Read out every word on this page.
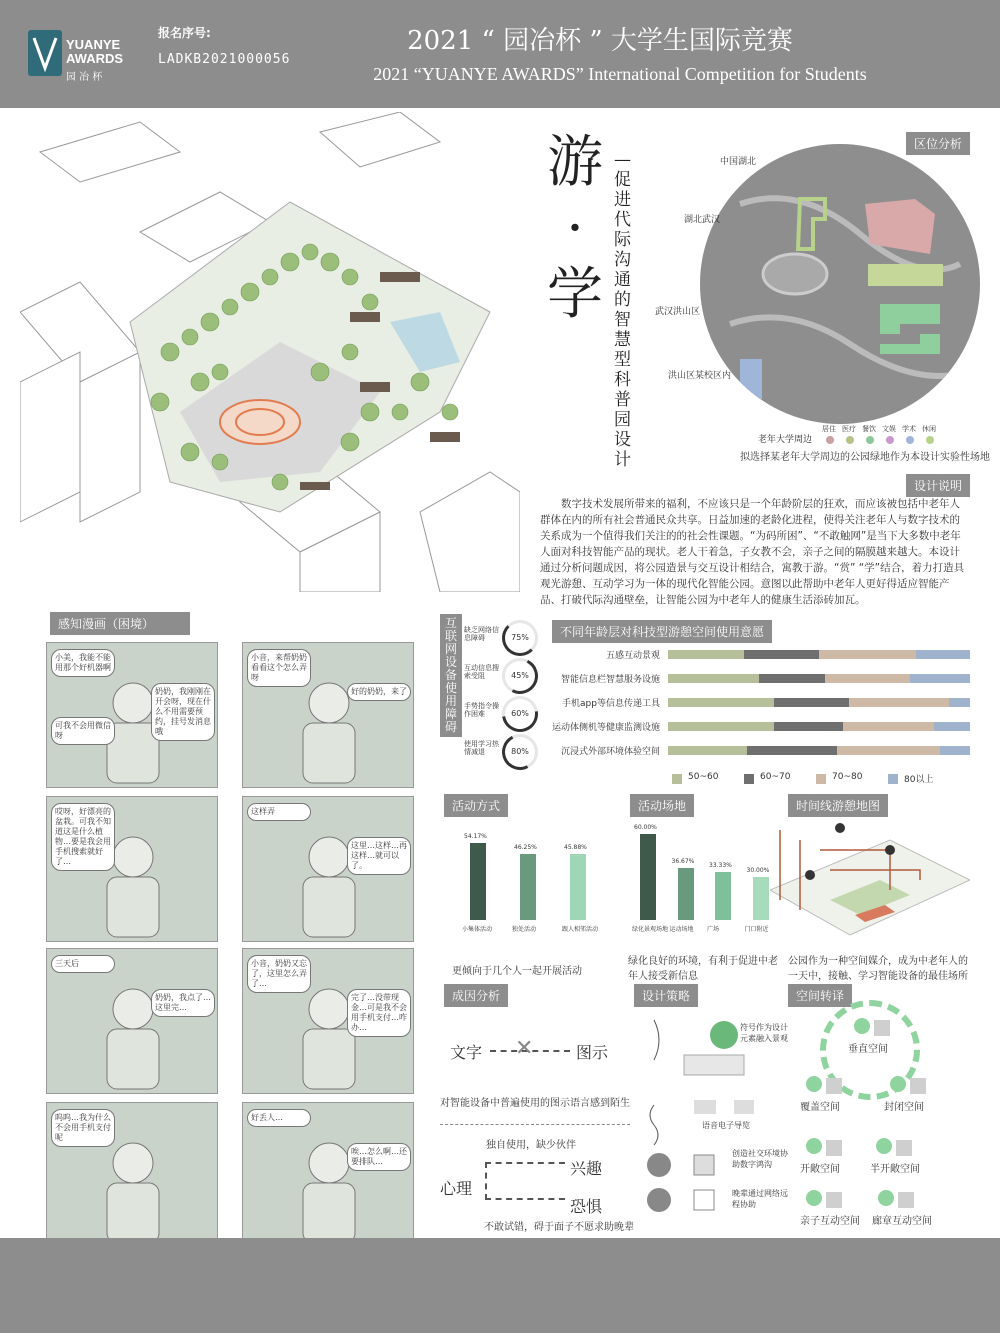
YUANYE AWARDS
园 冶 杯
报名序号:
LADKB2021000056
2021 “ 园冶杯 ” 大学生国际竞赛
2021 “YUANYE AWARDS” International Competition for Students
游·学
—促进代际沟通的智慧型科普园设计
区位分析
中国湖北
湖北武汉
武汉洪山区
洪山区某校区内
老年大学周边
居住 医疗 餐饮 文娱 学术 休闲
拟选择某老年大学周边的公园绿地作为本设计实验性场地
设计说明
数字技术发展所带来的福利，不应该只是一个年龄阶层的狂欢，而应该被包括中老年人群体在内的所有社会普通民众共享。日益加速的老龄化进程，使得关注老年人与数字技术的关系成为一个值得我们关注的的社会性课题。“为码所困”、“不敢触网”是当下大多数中老年人面对科技智能产品的现状。老人干着急，子女教不会，亲子之间的隔膜越来越大。本设计通过分析问题成因，将公园造景与交互设计相结合，寓教于游。“赏” “学”结合，着力打造具观光游憩、互动学习为一体的现代化智能公园。意图以此帮助中老年人更好得适应智能产品、打破代际沟通壁垒，让智能公园为中老年人的健康生活添砖加瓦。
感知漫画（困境）
小美，我能不能用那个好机器啊
奶奶，我刚刚在开会呀，现在什么不用需要预约，挂号发消息哦
可我不会用微信呀
小音，来帮奶奶看看这个怎么弄呀
好的奶奶，来了
哎呀，好漂亮的盆栽。可我不知道这是什么植物…要是我会用手机搜索就好了…
这样弄
这里…这样…再这样…就可以了。
三天后
奶奶，我点了…这里完…
小音，奶奶又忘了，这里怎么弄了…
完了…没带现金…可是我不会用手机支付…咋办…
呜呜…我为什么不会用手机支付呢
好丢人…
唉…怎么啊…还要排队…
互联网设备使用障碍
缺乏网络信息障碍	75%
互动信息搜索受阻	45%
手势指令操作困难	60%
使用学习热情减退	80%
不同年龄层对科技型游憩空间使用意愿
五感互动景观
智能信息栏智慧服务设施
手机app等信息传递工具
运动体侧机等健康监测设施
沉浸式外部环境体验空间
50~60	60~70	70~80	80以上
活动方式
54.17%
小集体活动
46.25%
独处活动
45.88%
跟人相邻活动
更倾向于几个人一起开展活动
活动场地
60.00%
绿化景观场地
36.67%
运动场地
33.33%
广场
30.00%
门口附近
绿化良好的环境，有利于促进中老年人接受新信息
时间线游憩地图
公园作为一种空间媒介，成为中老年人的一天中，接触、学习智能设备的最佳场所
成因分析
文字 ✕	图示
对智能设备中普遍使用的图示语言感到陌生
独自使用，缺少伙伴
心理
兴趣
恐惧
不敢试错，碍于面子不愿求助晚辈
设计策略
符号作为设计元素融入景观
语音电子导览
创造社交环境协助数字鸿沟
晚辈通过网络远程协助
空间转译
垂直空间
覆盖空间	封闭空间
开敞空间	半开敞空间
亲子互动空间 廊章互动空间
